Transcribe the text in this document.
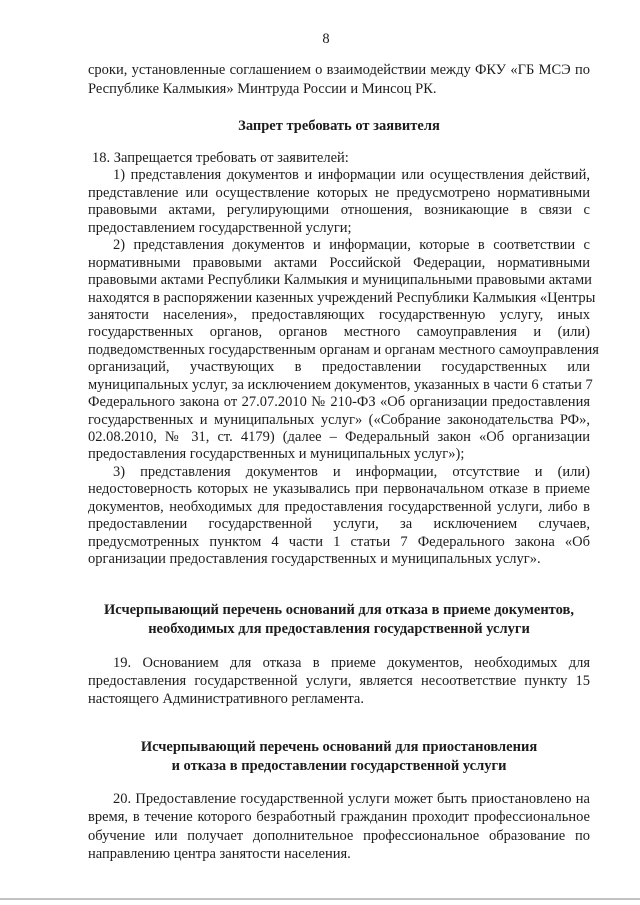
8
сроки, установленные соглашением о взаимодействии между ФКУ «ГБ МСЭ по
Республике Калмыкия» Минтруда России и Минсоц РК.
Запрет требовать от заявителя
18. Запрещается требовать от заявителей:
1) представления документов и информации или осуществления действий,
представление или осуществление которых не предусмотрено нормативными
правовыми актами, регулирующими отношения, возникающие в связи с
предоставлением государственной услуги;
2) представления документов и информации, которые в соответствии с
нормативными правовыми актами Российской Федерации, нормативными
правовыми актами Республики Калмыкия и муниципальными правовыми актами
находятся в распоряжении казенных учреждений Республики Калмыкия «Центры
занятости населения», предоставляющих государственную услугу, иных
государственных органов, органов местного самоуправления и (или)
подведомственных государственным органам и органам местного самоуправления
организаций, участвующих в предоставлении государственных или
муниципальных услуг, за исключением документов, указанных в части 6 статьи 7
Федерального закона от 27.07.2010 № 210-ФЗ «Об организации предоставления
государственных и муниципальных услуг» («Собрание законодательства РФ»,
02.08.2010, № 31, ст. 4179) (далее – Федеральный закон «Об организации
предоставления государственных и муниципальных услуг»);
3) представления документов и информации, отсутствие и (или)
недостоверность которых не указывались при первоначальном отказе в приеме
документов, необходимых для предоставления государственной услуги, либо в
предоставлении государственной услуги, за исключением случаев,
предусмотренных пунктом 4 части 1 статьи 7 Федерального закона «Об
организации предоставления государственных и муниципальных услуг».
Исчерпывающий перечень оснований для отказа в приеме документов,
необходимых для предоставления государственной услуги
19. Основанием для отказа в приеме документов, необходимых для
предоставления государственной услуги, является несоответствие пункту 15
настоящего Административного регламента.
Исчерпывающий перечень оснований для приостановления
и отказа в предоставлении государственной услуги
20. Предоставление государственной услуги может быть приостановлено на
время, в течение которого безработный гражданин проходит профессиональное
обучение или получает дополнительное профессиональное образование по
направлению центра занятости населения.
